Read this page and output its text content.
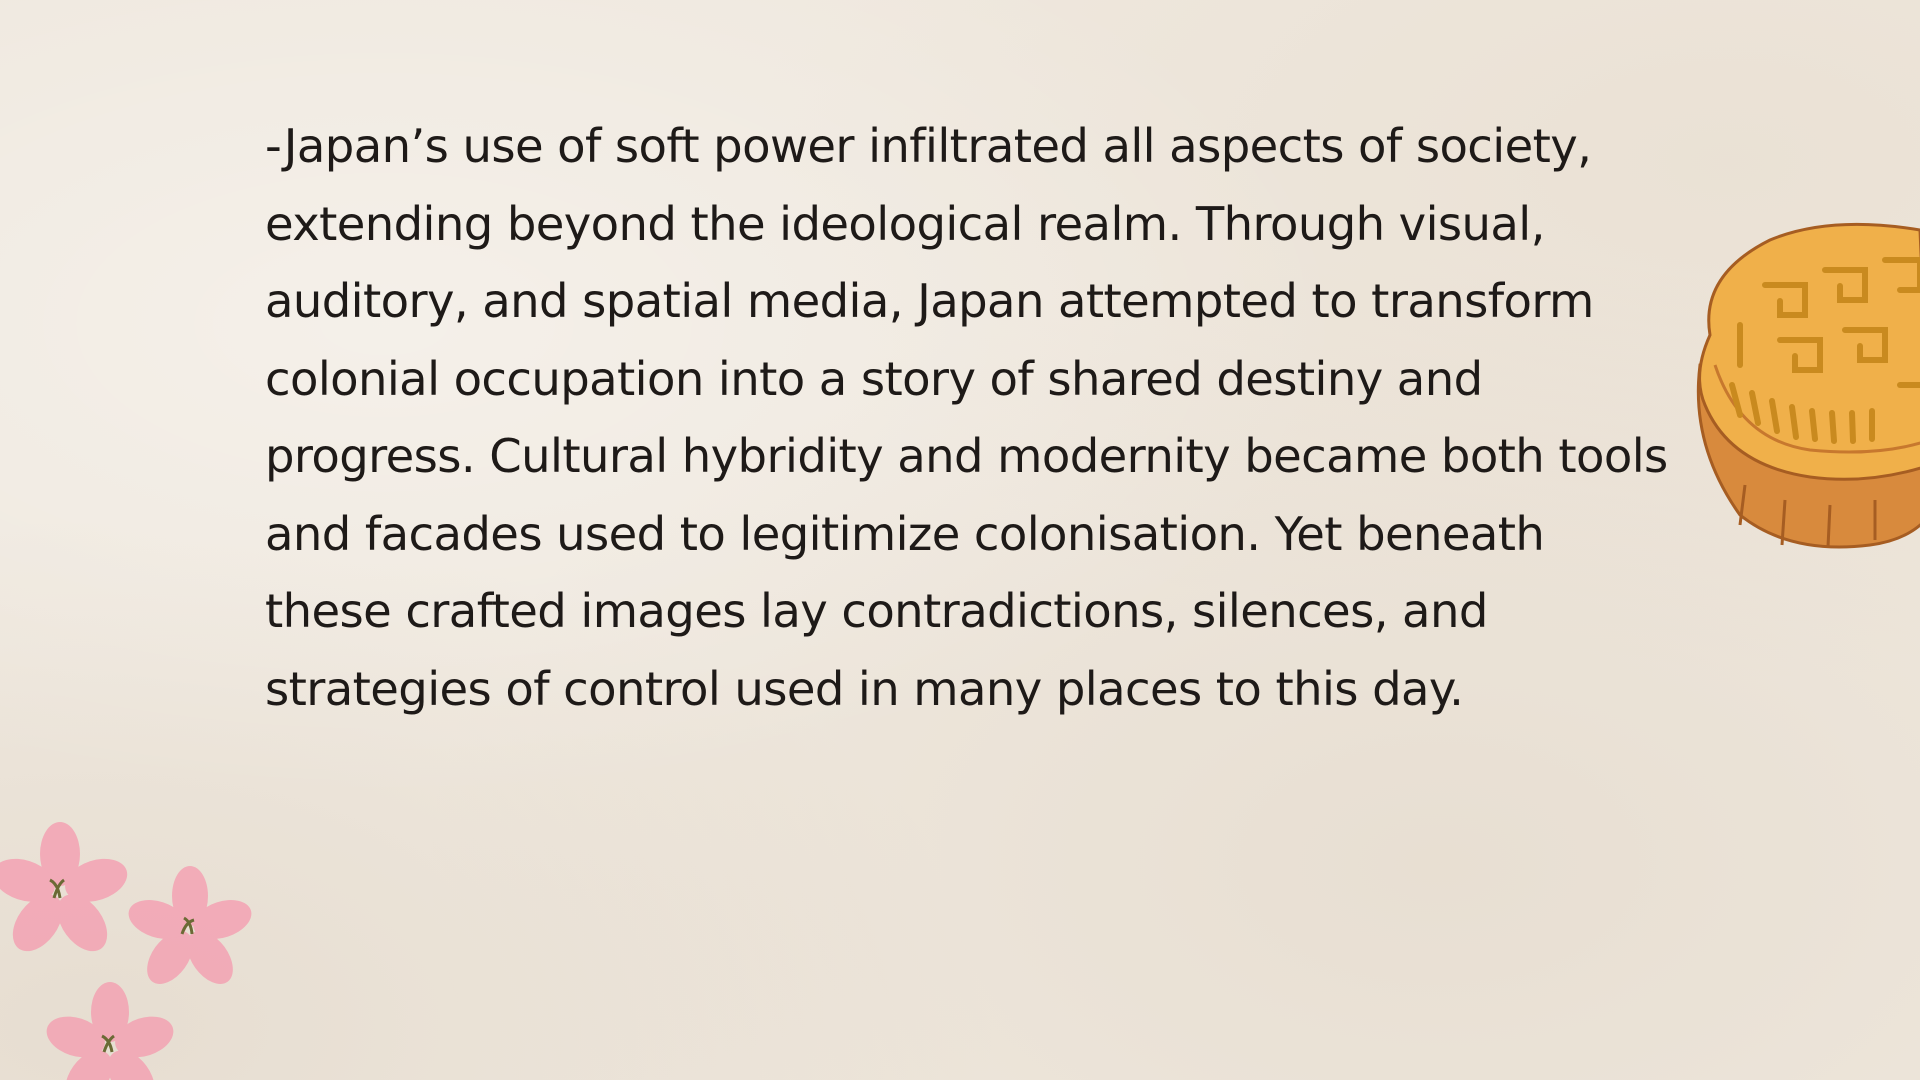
-Japan’s use of soft power infiltrated all aspects of society,
extending beyond the ideological realm. Through visual,
auditory, and spatial media, Japan attempted to transform
colonial occupation into a story of shared destiny and
progress. Cultural hybridity and modernity became both tools
and facades used to legitimize colonisation. Yet beneath
these crafted images lay contradictions, silences, and
strategies of control used in many places to this day.
